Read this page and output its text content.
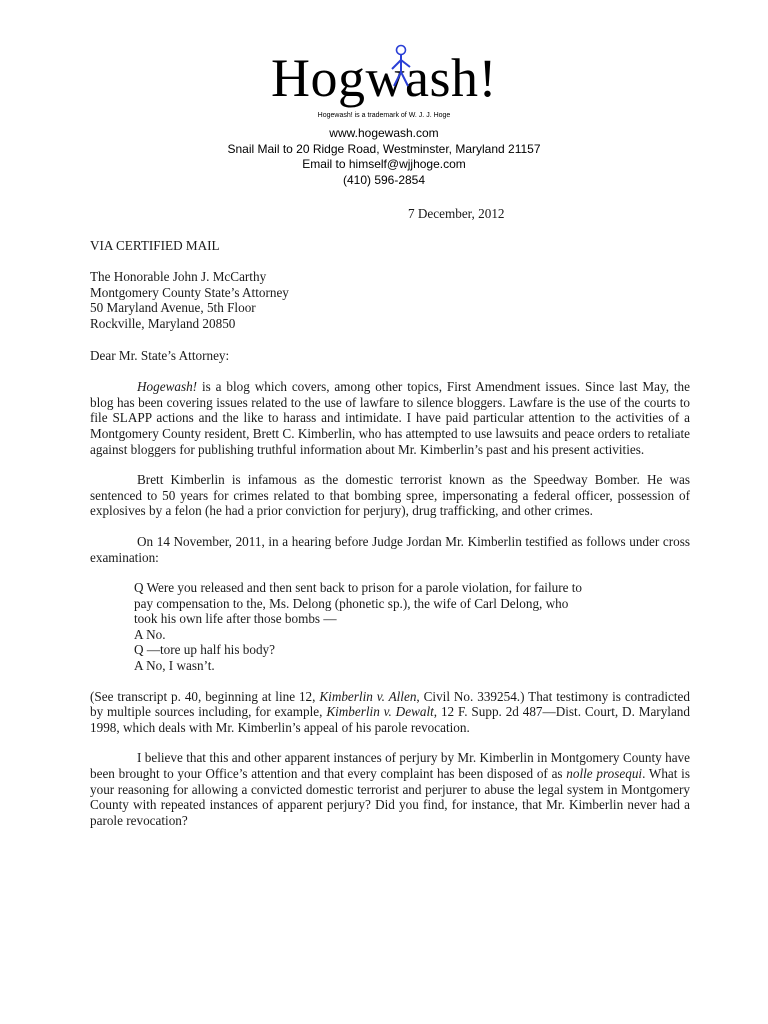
Hogwash!
Hogewash! is a trademark of W. J. J. Hoge
www.hogewash.com
Snail Mail to 20 Ridge Road, Westminster, Maryland 21157
Email to himself@wjjhoge.com
(410) 596-2854
7 December, 2012
VIA CERTIFIED MAIL
The Honorable John J. McCarthy
Montgomery County State’s Attorney
50 Maryland Avenue, 5th Floor
Rockville, Maryland 20850
Dear Mr. State’s Attorney:

Hogewash! is a blog which covers, among other topics, First Amendment issues. Since last May, the blog has been covering issues related to the use of lawfare to silence bloggers. Lawfare is the use of the courts to file SLAPP actions and the like to harass and intimidate. I have paid particular attention to the activities of a Montgomery County resident, Brett C. Kimberlin, who has attempted to use lawsuits and peace orders to retaliate against bloggers for publishing truthful information about Mr. Kimberlin’s past and his present activities.

Brett Kimberlin is infamous as the domestic terrorist known as the Speedway Bomber. He was sentenced to 50 years for crimes related to that bombing spree, impersonating a federal officer, possession of explosives by a felon (he had a prior conviction for perjury), drug trafficking, and other crimes.

On 14 November, 2011, in a hearing before Judge Jordan Mr. Kimberlin testified as follows under cross examination:

Q Were you released and then sent back to prison for a parole violation, for failure to
pay compensation to the, Ms. Delong (phonetic sp.), the wife of Carl Delong, who
took his own life after those bombs —
A No.
Q —tore up half his body?
A No, I wasn’t.

(See transcript p. 40, beginning at line 12, Kimberlin v. Allen, Civil No. 339254.) That testimony is contradicted by multiple sources including, for example, Kimberlin v. Dewalt, 12 F. Supp. 2d 487—Dist. Court, D. Maryland 1998, which deals with Mr. Kimberlin’s appeal of his parole revocation.

I believe that this and other apparent instances of perjury by Mr. Kimberlin in Montgomery County have been brought to your Office’s attention and that every complaint has been disposed of as nolle prosequi. What is your reasoning for allowing a convicted domestic terrorist and perjurer to abuse the legal system in Montgomery County with repeated instances of apparent perjury? Did you find, for instance, that Mr. Kimberlin never had a parole revocation?
